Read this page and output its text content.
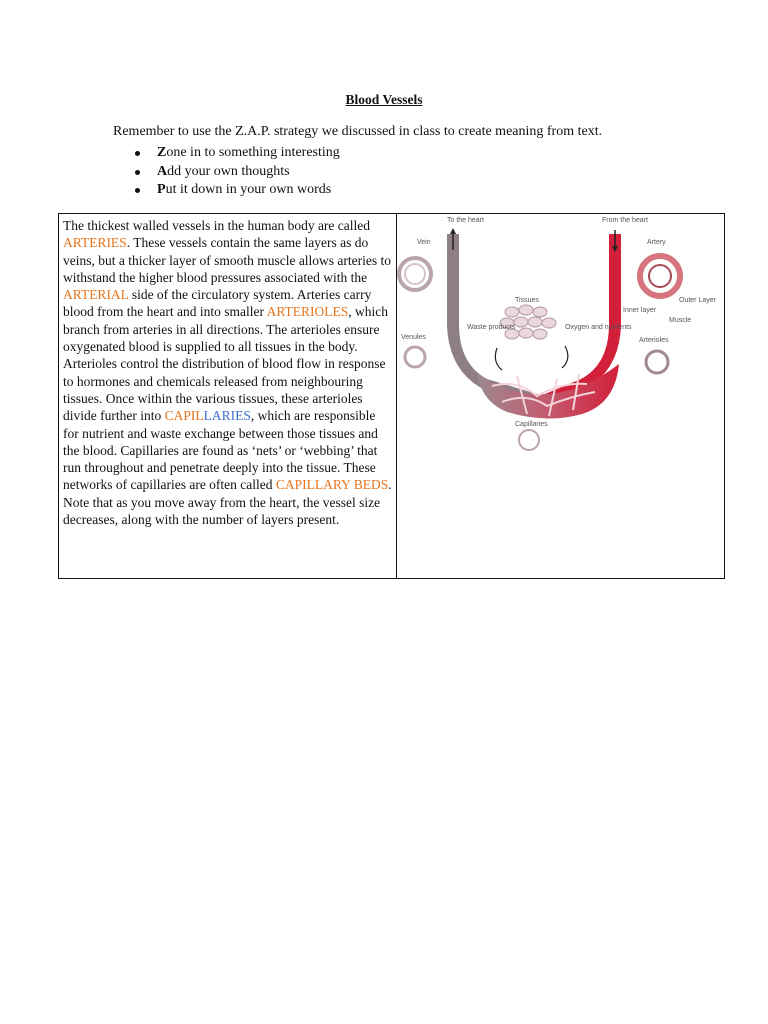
Blood Vessels

Remember to use the Z.A.P. strategy we discussed in class to create meaning from text.

Zone in to something interesting
Add your own thoughts
Put it down in your own words
The thickest walled vessels in the human body are called ARTERIES. These vessels contain the same layers as do veins, but a thicker layer of smooth muscle allows arteries to withstand the higher blood pressures associated with the ARTERIAL side of the circulatory system. Arteries carry blood from the heart and into smaller ARTERIOLES, which branch from arteries in all directions. The arterioles ensure oxygenated blood is supplied to all tissues in the body. Arterioles control the distribution of blood flow in response to hormones and chemicals released from neighbouring tissues. Once within the various tissues, these arterioles divide further into CAPILLARIES, which are responsible for nutrient and waste exchange between those tissues and the blood. Capillaries are found as ‘nets’ or ‘webbing’ that run throughout and penetrate deeply into the tissue. These networks of capillaries are often called CAPILLARY BEDS. Note that as you move away from the heart, the vessel size decreases, along with the number of layers present.
To the heart	From the heart
Vein	Artery
Outer Layer
Inner layer
Muscle
Tissues
Waste products	Oxygen and nutrients
Venules	Arterioles
Capillaries
